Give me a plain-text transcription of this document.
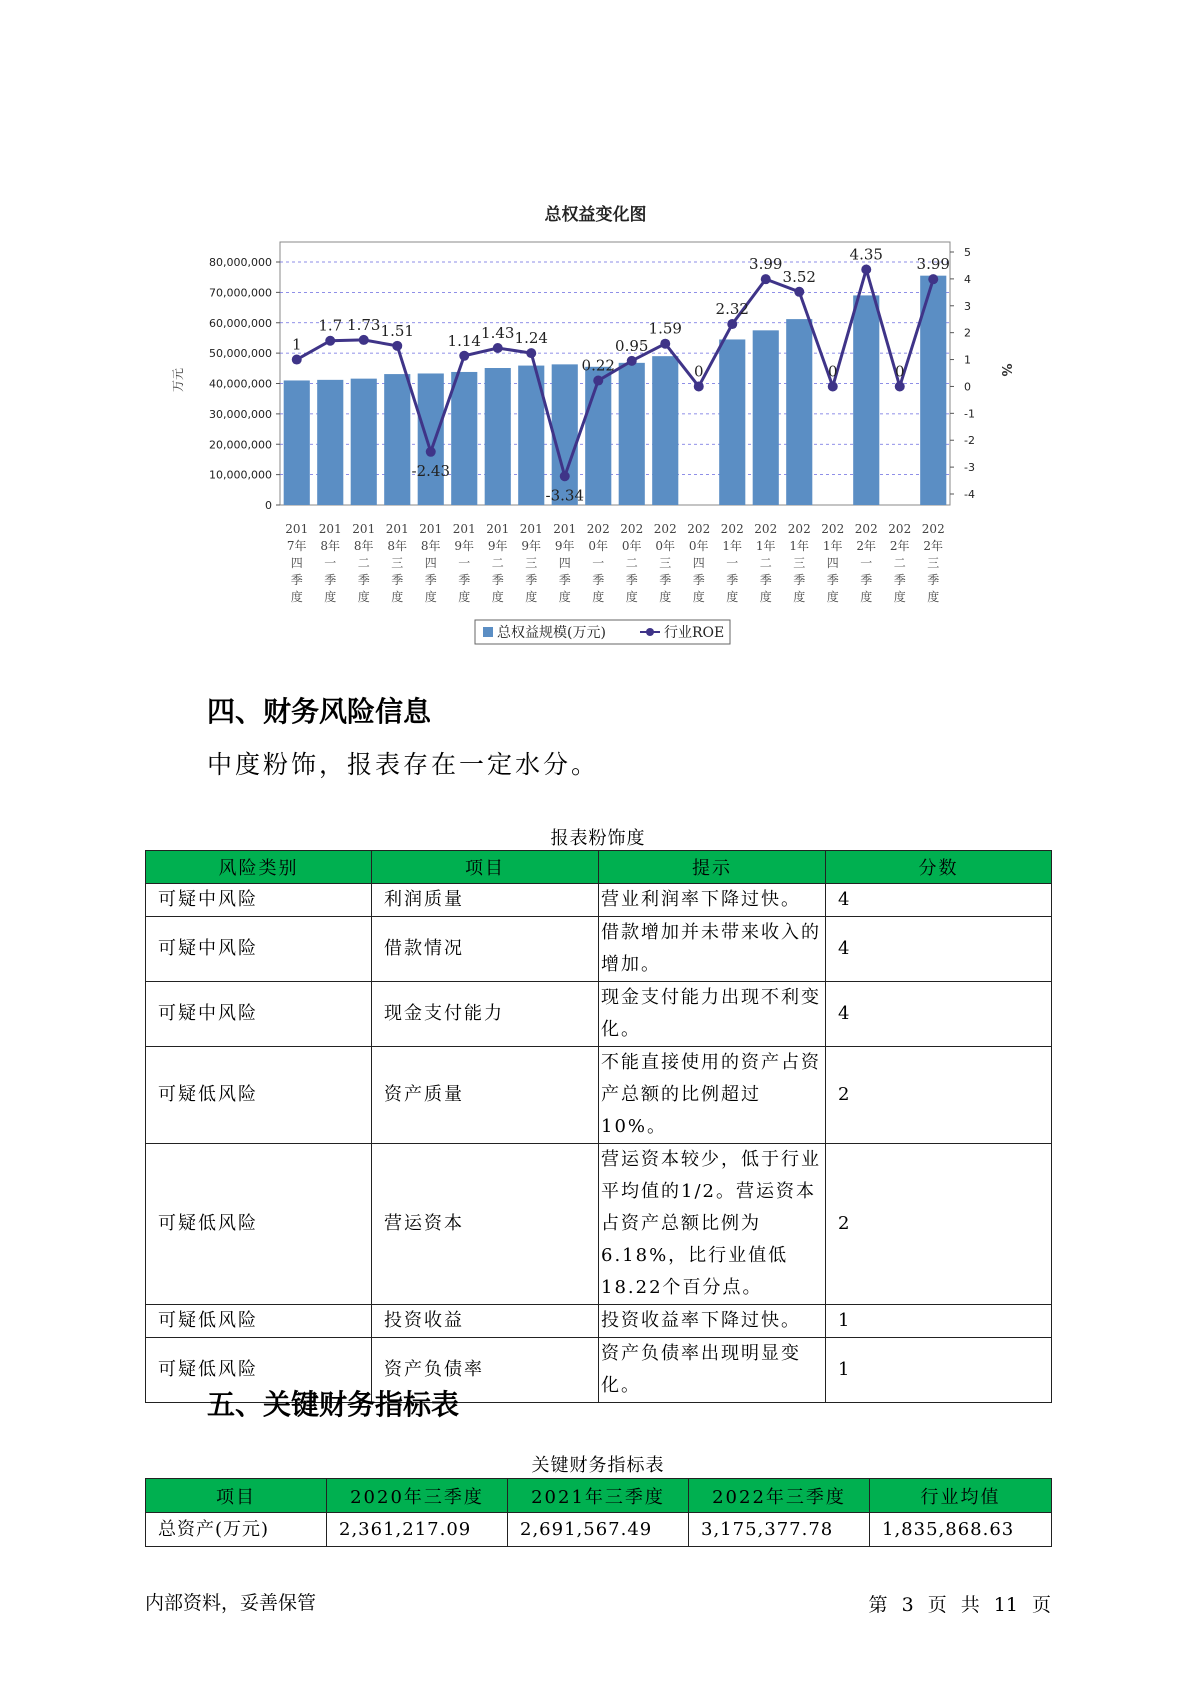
总权益变化图
0
10,000,000
20,000,000
30,000,000
40,000,000
50,000,000
60,000,000
70,000,000
80,000,000
5
4
3
2
1
0
-1
-2
-3
-4
万元	%
1
1.7 1.73 1.51
-2.43
1.14 1.43 1.24
-3.34
0.22
0.95
1.59
0
2.32
3.99
3.52
0
4.35
0
3.99
201
7年
四
季
度
201
8年
一
季
度
201
8年
二
季
度
201
8年
三
季
度
201
8年
四
季
度
201
9年
一
季
度
201
9年
二
季
度
201
9年
三
季
度
201
9年
四
季
度
202
0年
一
季
度
202
0年
二
季
度
202
0年
三
季
度
202
0年
四
季
度
202
1年
一
季
度
202
1年
二
季
度
202
1年
三
季
度
202
1年
四
季
度
202
2年
一
季
度
202
2年
二
季
度
202
2年
三
季
度
总权益规模(万元)	行业ROE
四、财务风险信息
中度粉饰，报表存在一定水分。
报表粉饰度
风险类别	项目	提示	分数
可疑中风险	利润质量	营业利润率下降过快。	4
可疑中风险	借款情况	借款增加并未带来收入的增加。	4
可疑中风险	现金支付能力	现金支付能力出现不利变化。	4
可疑低风险	资产质量	不能直接使用的资产占资产总额的比例超过10%。	2
可疑低风险	营运资本	营运资本较少，低于行业平均值的1/2。营运资本占资产总额比例为6.18%，比行业值低18.22个百分点。	2
可疑低风险	投资收益	投资收益率下降过快。	1
可疑低风险	资产负债率	资产负债率出现明显变化。	1
五、关键财务指标表
关键财务指标表
项目	2020年三季度	2021年三季度	2022年三季度	行业均值
总资产(万元)	2,361,217.09	2,691,567.49	3,175,377.78	1,835,868.63
内部资料，妥善保管	第 3 页 共 11 页
